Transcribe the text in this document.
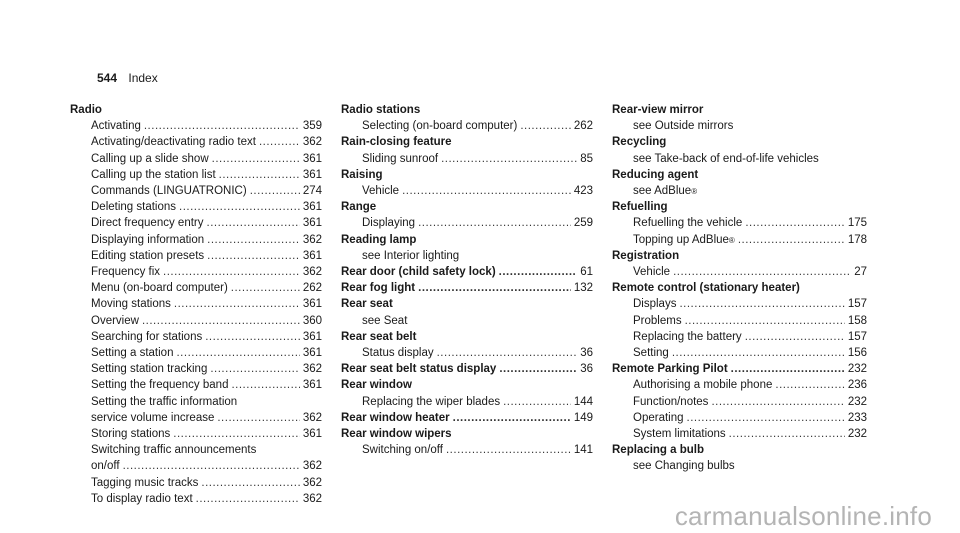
544 Index
Radio
Activating .....	359
Activating/deactivating radio text .....	362
Calling up a slide show .....	361
Calling up the station list .....	361
Commands (LINGUATRONIC) .....	274
Deleting stations .....	361
Direct frequency entry .....	361
Displaying information .....	362
Editing station presets .....	361
Frequency fix .....	362
Menu (on-board computer) .....	262
Moving stations .....	361
Overview .....	360
Searching for stations .....	361
Setting a station .....	361
Setting station tracking .....	362
Setting the frequency band .....	361
Setting the traffic information
service volume increase .....	362
Storing stations .....	361
Switching traffic announcements
on/off .....	362
Tagging music tracks .....	362
To display radio text .....	362
Radio stations
Selecting (on-board computer) .....	262
Rain-closing feature
Sliding sunroof .....	85
Raising
Vehicle .....	423
Range
Displaying .....	259
Reading lamp
see Interior lighting
Rear door (child safety lock) .....	61
Rear fog light .....	132
Rear seat
see Seat
Rear seat belt
Status display .....	36
Rear seat belt status display .....	36
Rear window
Replacing the wiper blades .....	144
Rear window heater .....	149
Rear window wipers
Switching on/off .....	141
Rear-view mirror
see Outside mirrors
Recycling
see Take-back of end-of-life vehicles
Reducing agent
see AdBlue ®
Refuelling
Refuelling the vehicle .....	175
Topping up AdBlue ® .....	178
Registration
Vehicle .....	27
Remote control (stationary heater)
Displays .....	157
Problems .....	158
Replacing the battery .....	157
Setting .....	156
Remote Parking Pilot .....	232
Authorising a mobile phone .....	236
Function/notes .....	232
Operating .....	233
System limitations .....	232
Replacing a bulb
see Changing bulbs
carmanualsonline.info
